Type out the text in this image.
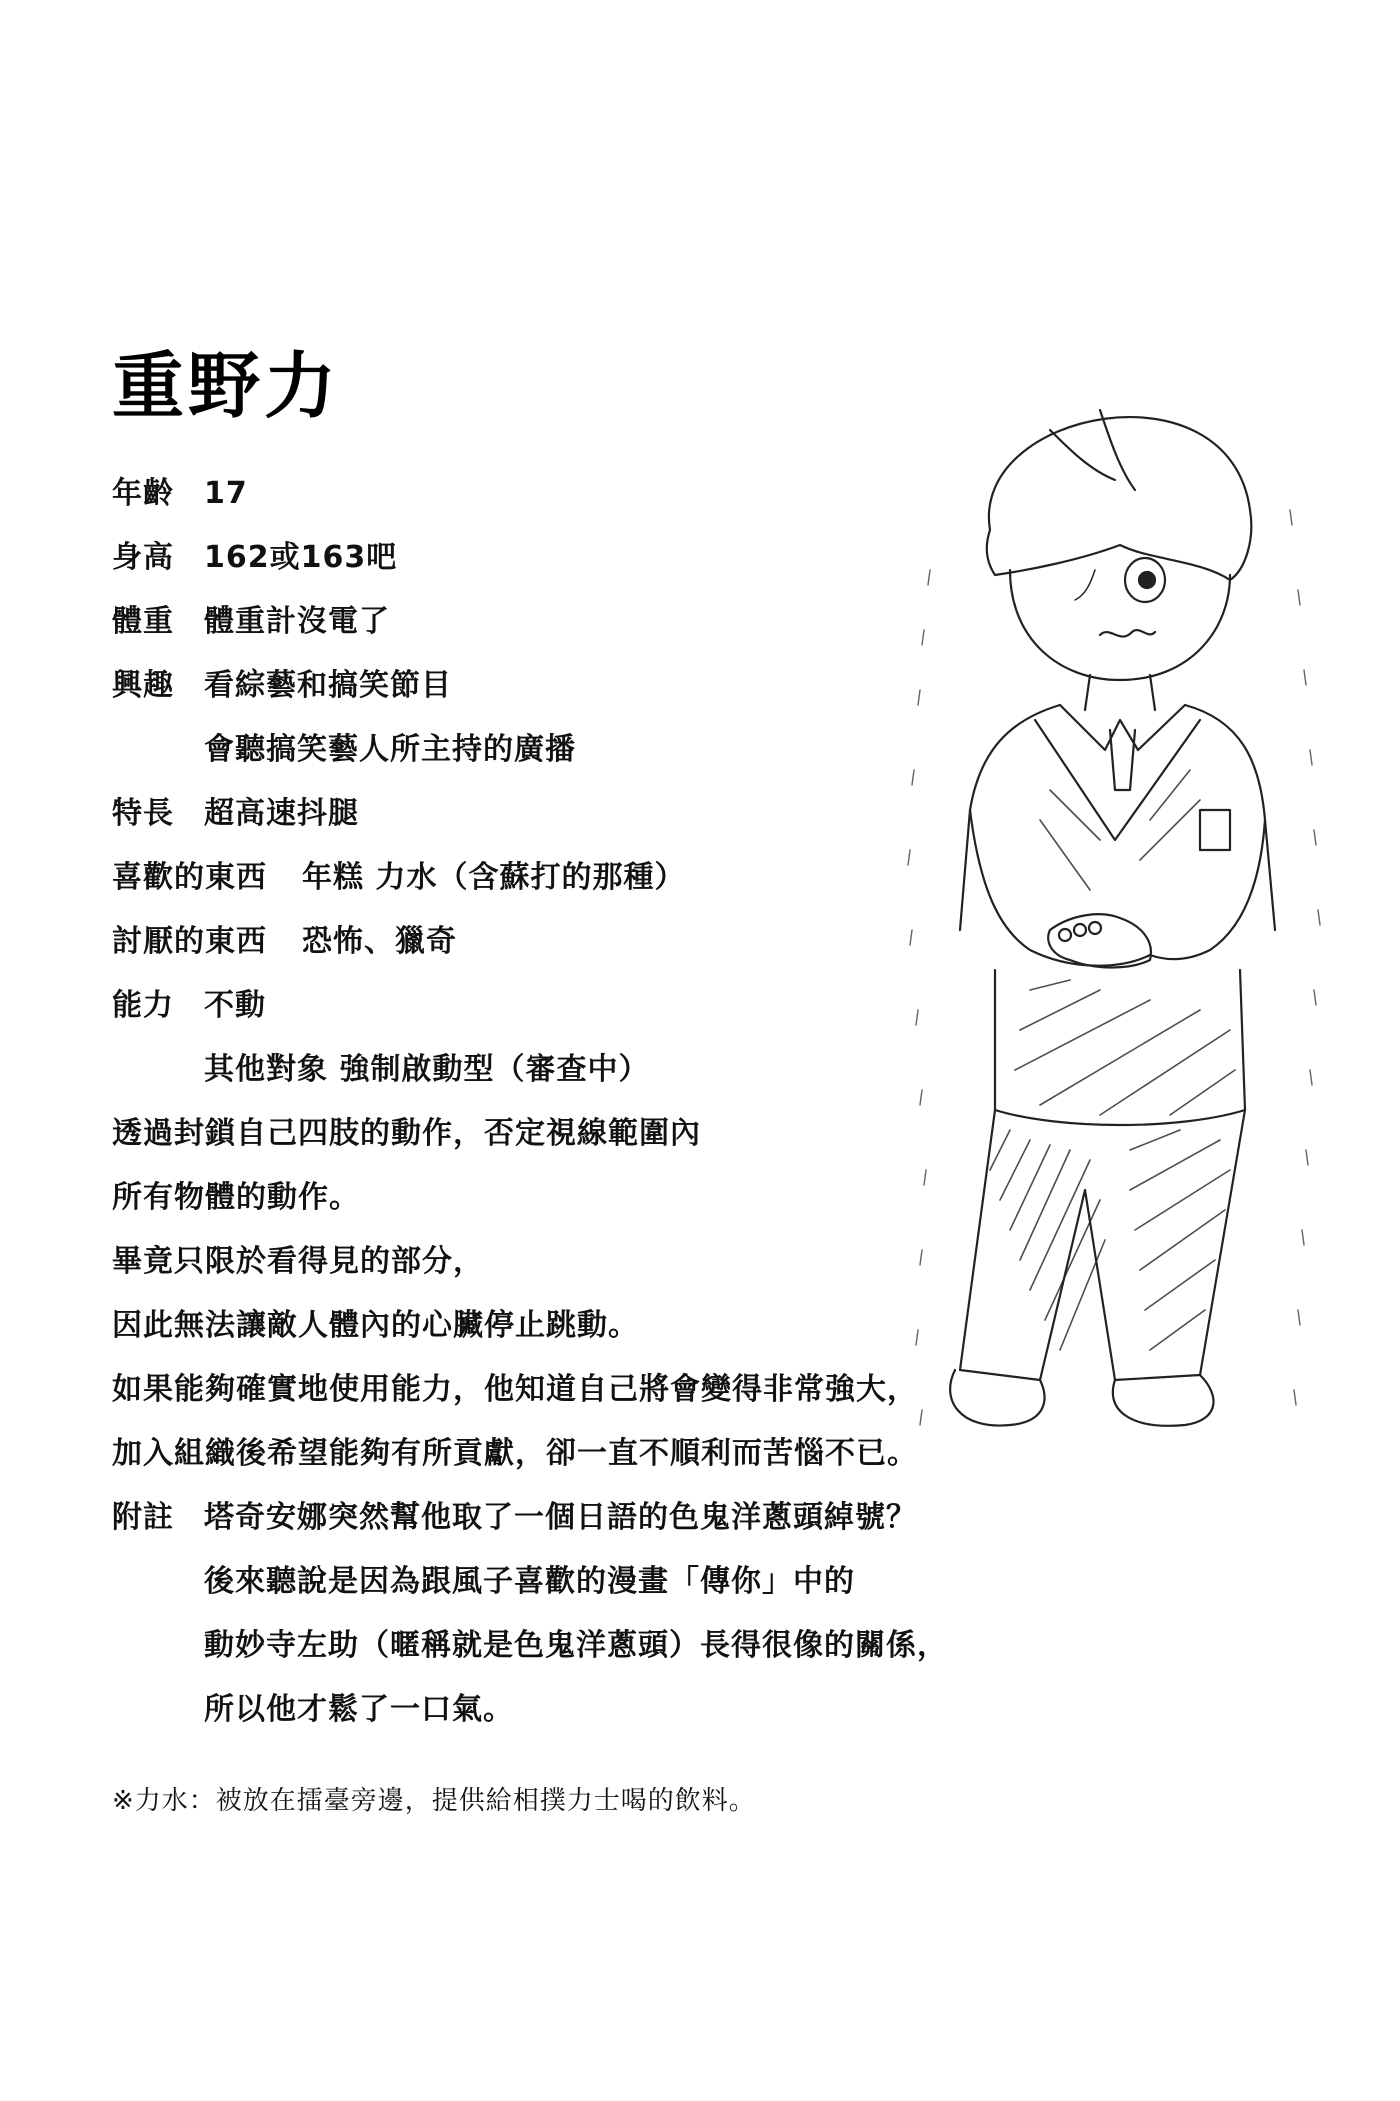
重野力
年齡 17
身高 162或163吧
體重 體重計沒電了
興趣 看綜藝和搞笑節目
會聽搞笑藝人所主持的廣播
特長 超高速抖腿
喜歡的東西 年糕 力水（含蘇打的那種）
討厭的東西 恐怖、獵奇
能力 不動
其他對象 強制啟動型（審查中）
透過封鎖自己四肢的動作，否定視線範圍內
所有物體的動作。
畢竟只限於看得見的部分，
因此無法讓敵人體內的心臟停止跳動。
如果能夠確實地使用能力，他知道自己將會變得非常強大，
加入組織後希望能夠有所貢獻，卻一直不順利而苦惱不已。
附註 塔奇安娜突然幫他取了一個日語的色鬼洋蔥頭綽號？
後來聽說是因為跟風子喜歡的漫畫「傳你」中的
動妙寺左助（暱稱就是色鬼洋蔥頭）長得很像的關係，
所以他才鬆了一口氣。
※力水：被放在擂臺旁邊，提供給相撲力士喝的飲料。
